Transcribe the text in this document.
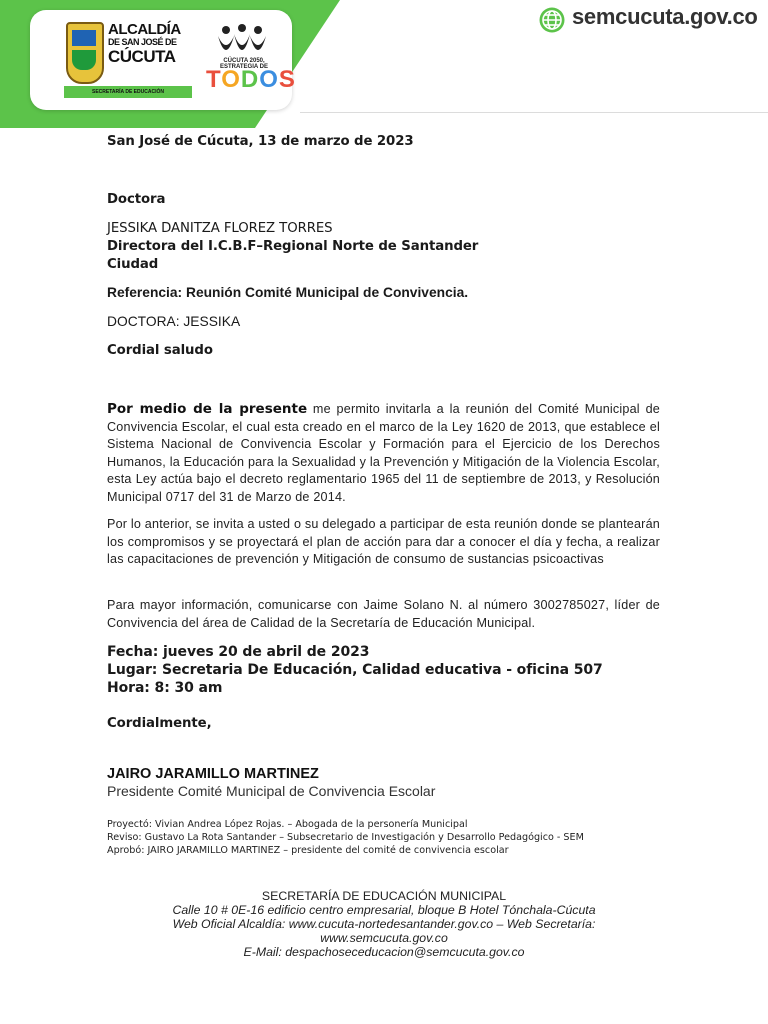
ALCALDÍA
DE SAN JOSÉ DE
CÚCUTA
SECRETARÍA DE EDUCACIÓN
CÚCUTA 2050, ESTRATEGIA DE
TODOS
semcucuta.gov.co
San José de Cúcuta, 13 de marzo de 2023
Doctora
JESSIKA DANITZA FLOREZ TORRES
Directora del I.C.B.F–Regional Norte de Santander
Ciudad
Referencia: Reunión Comité Municipal de Convivencia.
DOCTORA: JESSIKA
Cordial saludo
Por medio de la presente me permito invitarla a la reunión del Comité Municipal de Convivencia Escolar, el cual esta creado en el marco de la Ley 1620 de 2013, que establece el Sistema Nacional de Convivencia Escolar y Formación para el Ejercicio de los Derechos Humanos, la Educación para la Sexualidad y la Prevención y Mitigación de la Violencia Escolar, esta Ley actúa bajo el decreto reglamentario 1965 del 11 de septiembre de 2013, y Resolución Municipal 0717 del 31 de Marzo de 2014.
Por lo anterior, se invita a usted o su delegado a participar de esta reunión donde se plantearán los compromisos y se proyectará el plan de acción para dar a conocer el día y fecha, a realizar las capacitaciones de prevención y Mitigación de consumo de sustancias psicoactivas
Para mayor información, comunicarse con Jaime Solano N. al número 3002785027, líder de Convivencia del área de Calidad de la Secretaría de Educación Municipal.
Fecha: jueves 20 de abril de 2023
Lugar: Secretaria De Educación, Calidad educativa - oficina 507
Hora: 8: 30 am
Cordialmente,
JAIRO JARAMILLO MARTINEZ
Presidente Comité Municipal de Convivencia Escolar
Proyectó: Vivian Andrea López Rojas. – Abogada de la personería Municipal
Reviso: Gustavo La Rota Santander – Subsecretario de Investigación y Desarrollo Pedagógico - SEM
Aprobó: JAIRO JARAMILLO MARTINEZ – presidente del comité de convivencia escolar
SECRETARÍA DE EDUCACIÓN MUNICIPAL
Calle 10 # 0E-16 edificio centro empresarial, bloque B Hotel Tónchala-Cúcuta
Web Oficial Alcaldía: www.cucuta-nortedesantander.gov.co – Web Secretaría:
www.semcucuta.gov.co
E-Mail: despachoseceducacion@semcucuta.gov.co
